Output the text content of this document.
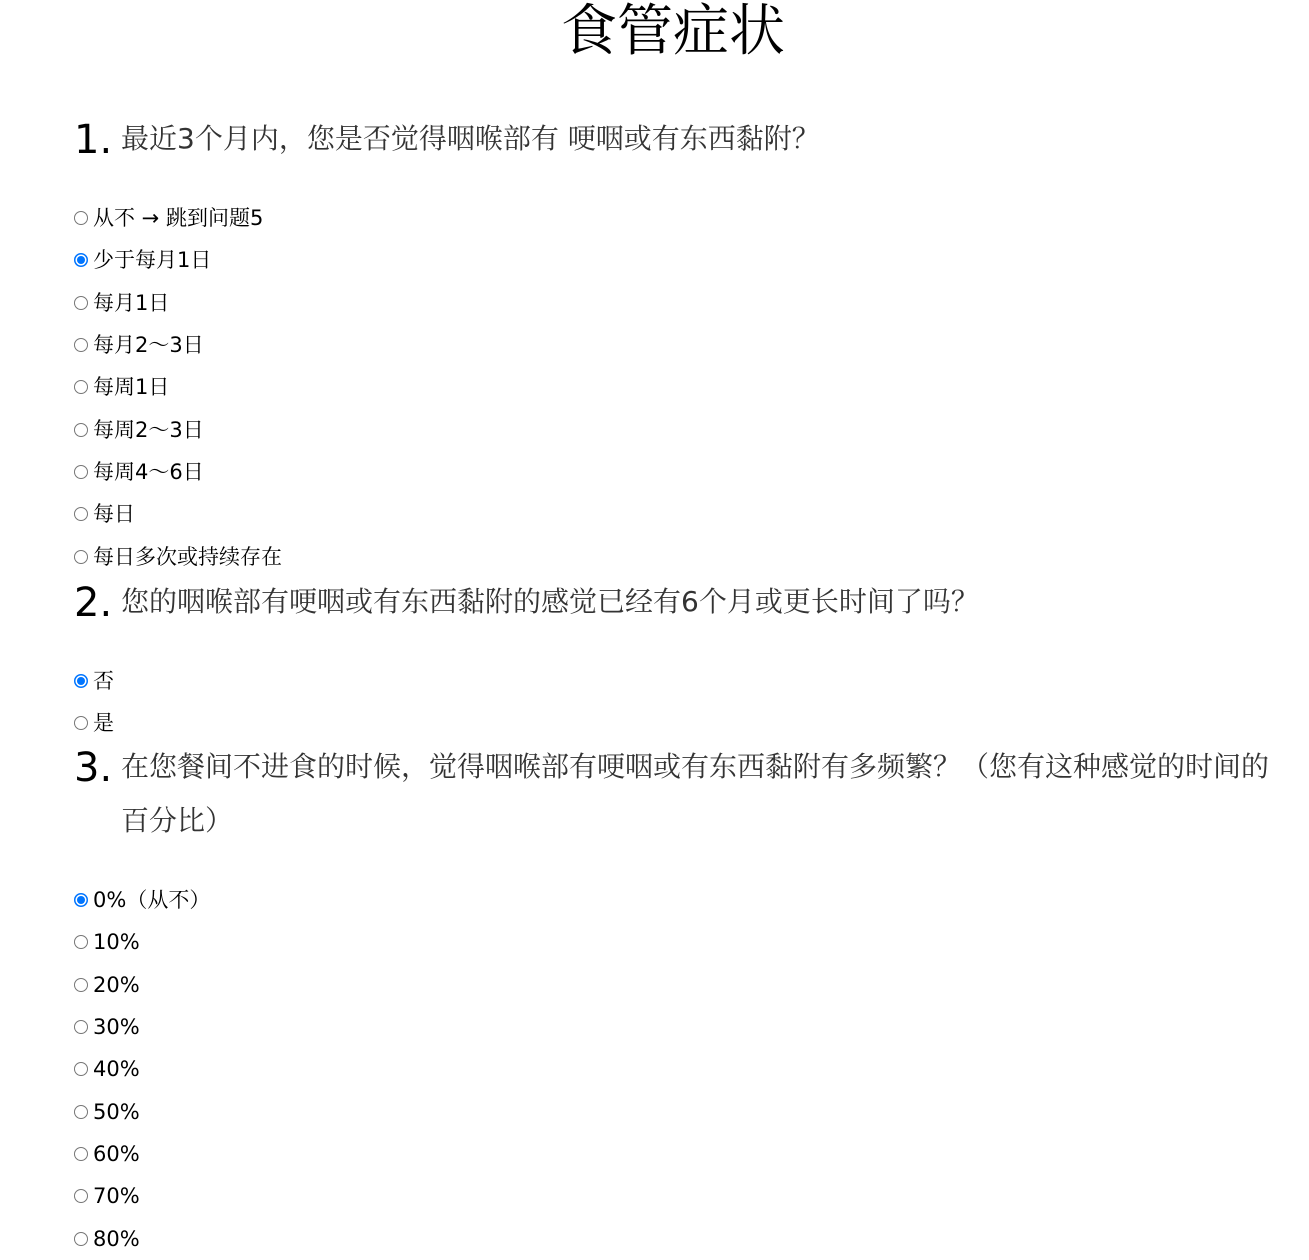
食管症状
1. 最近3个月内，您是否觉得咽喉部有 哽咽或有东西黏附？
从不 → 跳到问题5
少于每月1日
每月1日
每月2～3日
每周1日
每周2～3日
每周4～6日
每日
每日多次或持续存在
2. 您的咽喉部有哽咽或有东西黏附的感觉已经有6个月或更长时间了吗？
否
是
3. 在您餐间不进食的时候，觉得咽喉部有哽咽或有东西黏附有多频繁？（您有这种感觉的时间的百分比）
0%（从不）
10%
20%
30%
40%
50%
60%
70%
80%
